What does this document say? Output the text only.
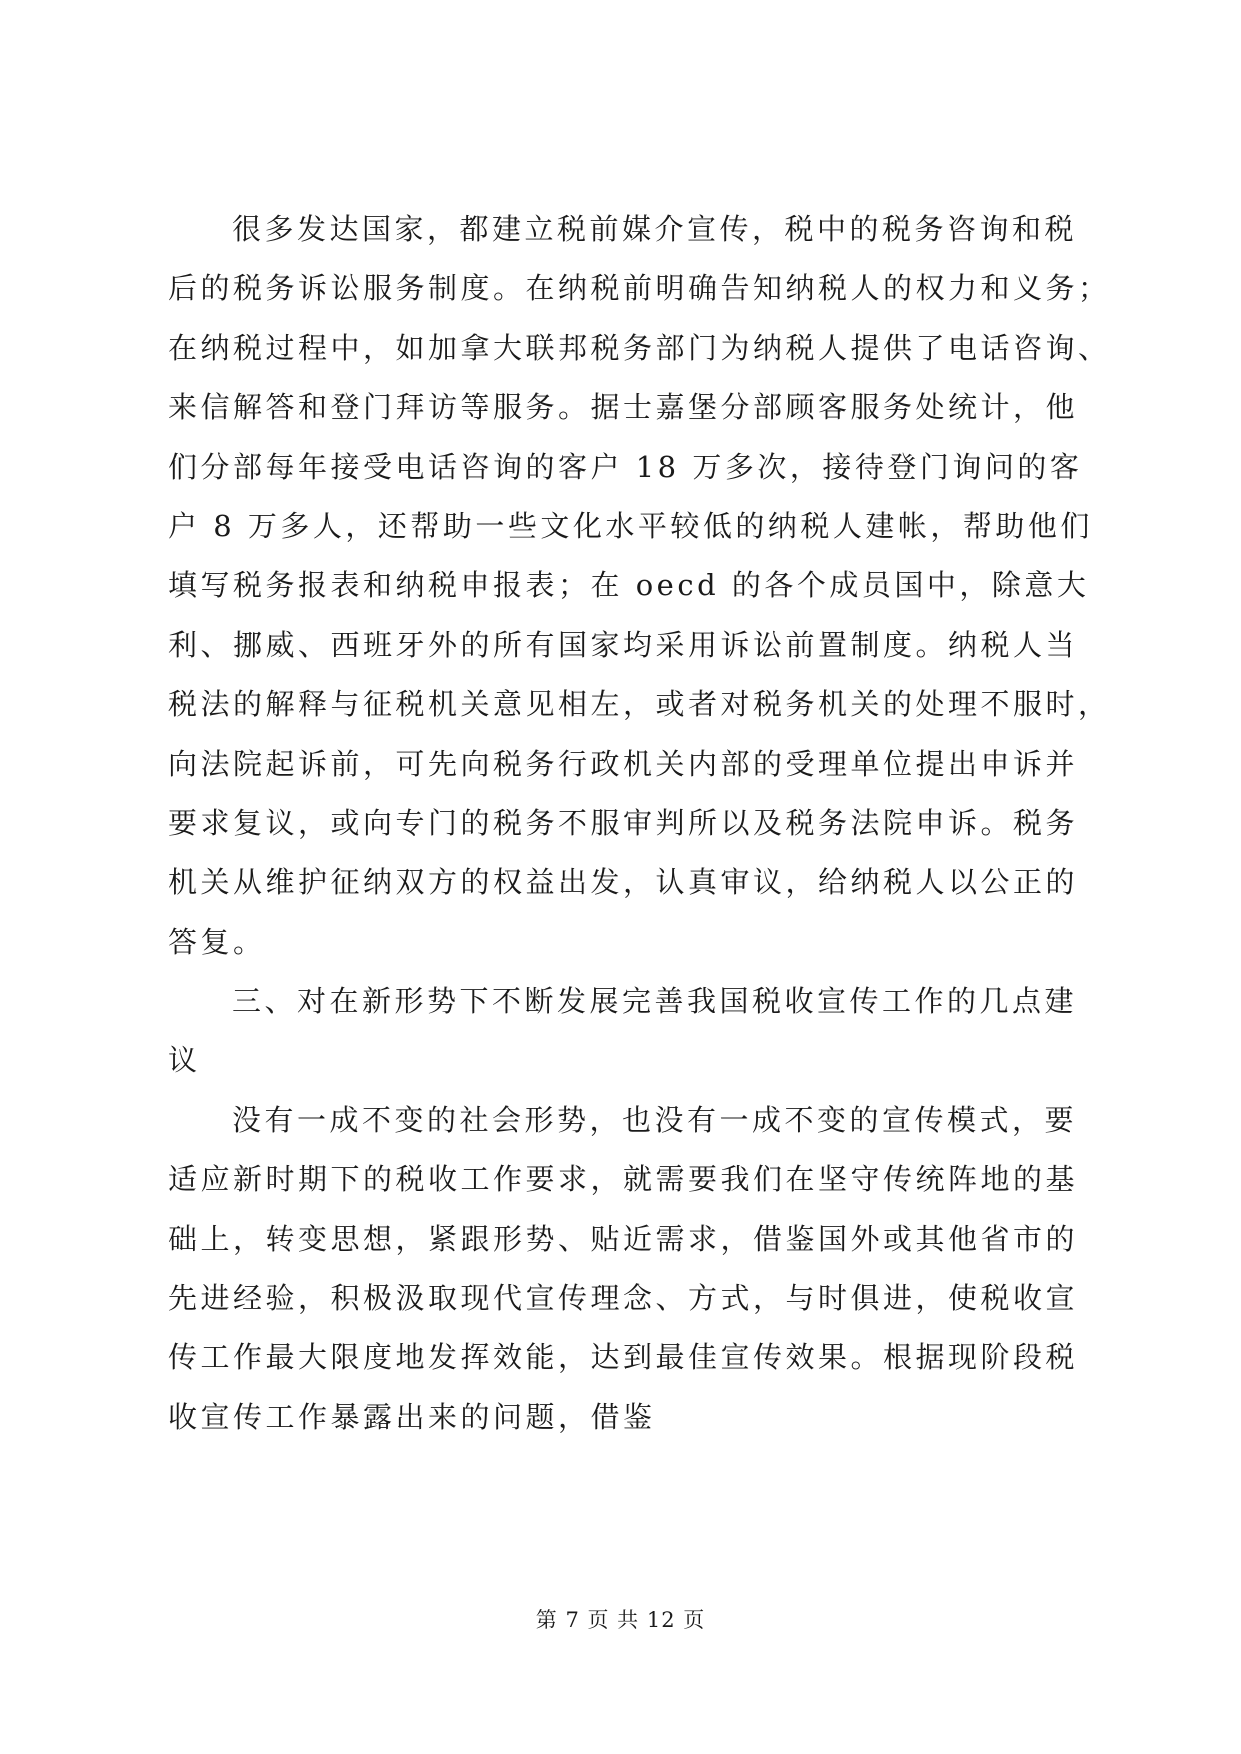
很多发达国家，都建立税前媒介宣传，税中的税务咨询和税
后的税务诉讼服务制度。在纳税前明确告知纳税人的权力和义务；
在纳税过程中，如加拿大联邦税务部门为纳税人提供了电话咨询、
来信解答和登门拜访等服务。据士嘉堡分部顾客服务处统计，他
们分部每年接受电话咨询的客户 18 万多次，接待登门询问的客
户 8 万多人，还帮助一些文化水平较低的纳税人建帐，帮助他们
填写税务报表和纳税申报表；在 oecd 的各个成员国中，除意大
利、挪威、西班牙外的所有国家均采用诉讼前置制度。纳税人当
税法的解释与征税机关意见相左，或者对税务机关的处理不服时，
向法院起诉前，可先向税务行政机关内部的受理单位提出申诉并
要求复议，或向专门的税务不服审判所以及税务法院申诉。税务
机关从维护征纳双方的权益出发，认真审议，给纳税人以公正的
答复。
三、对在新形势下不断发展完善我国税收宣传工作的几点建
议
没有一成不变的社会形势，也没有一成不变的宣传模式，要
适应新时期下的税收工作要求，就需要我们在坚守传统阵地的基
础上，转变思想，紧跟形势、贴近需求，借鉴国外或其他省市的
先进经验，积极汲取现代宣传理念、方式，与时俱进，使税收宣
传工作最大限度地发挥效能，达到最佳宣传效果。根据现阶段税
收宣传工作暴露出来的问题，借鉴
第 7 页 共 12 页
